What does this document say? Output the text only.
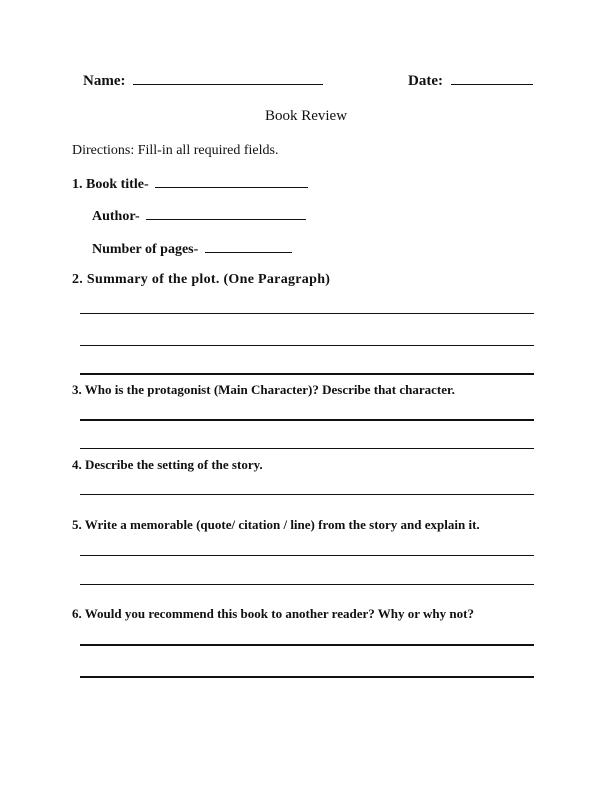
Name:	Date:
Book Review
Directions: Fill-in all required fields.
1. Book title-
Author-
Number of pages-
2. Summary of the plot. (One Paragraph)
3. Who is the protagonist (Main Character)? Describe that character.
4. Describe the setting of the story.
5. Write a memorable (quote/ citation / line) from the story and explain it.
6. Would you recommend this book to another reader? Why or why not?
